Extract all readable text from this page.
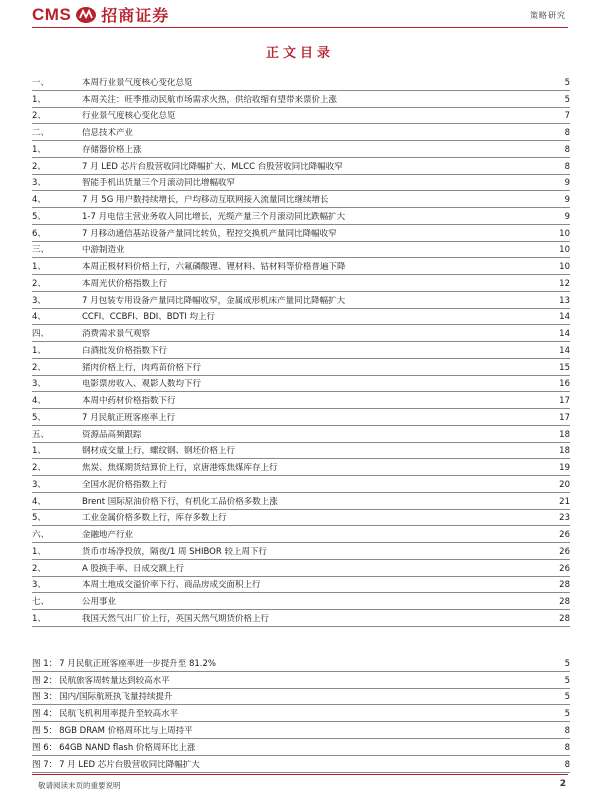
CMS 招商证券	策略研究
正文目录
一、	本周行业景气度核心变化总览	5
1、	本周关注：旺季推动民航市场需求火热，供给收缩有望带来票价上涨	5
2、	行业景气度核心变化总览	7
二、	信息技术产业	8
1、	存储器价格上涨	8
2、	7 月 LED 芯片台股营收同比降幅扩大、MLCC 台股营收同比降幅收窄	8
3、	智能手机出货量三个月滚动同比增幅收窄	9
4、	7 月 5G 用户数持续增长，户均移动互联网接入流量同比继续增长	9
5、	1-7 月电信主营业务收入同比增长，光缆产量三个月滚动同比跌幅扩大	9
6、	7 月移动通信基站设备产量同比转负，程控交换机产量同比降幅收窄	10
三、	中游制造业	10
1、	本周正极材料价格上行，六氟磷酸锂、锂材料、钴材料等价格普遍下降	10
2、	本周光伏价格指数上行	12
3、	7 月包装专用设备产量同比降幅收窄，金属成形机床产量同比降幅扩大	13
4、	CCFI、CCBFI、BDI、BDTI 均上行	14
四、	消费需求景气观察	14
1、	白酒批发价格指数下行	14
2、	猪肉价格上行，肉鸡苗价格下行	15
3、	电影票房收入、观影人数均下行	16
4、	本周中药材价格指数下行	17
5、	7 月民航正班客座率上行	17
五、	资源品高频跟踪	18
1、	钢材成交量上行，螺纹钢、钢坯价格上行	18
2、	焦炭、焦煤期货结算价上行，京唐港炼焦煤库存上行	19
3、	全国水泥价格指数上行	20
4、	Brent 国际原油价格下行，有机化工品价格多数上涨	21
5、	工业金属价格多数上行，库存多数上行	23
六、	金融地产行业	26
1、	货币市场净投放，隔夜/1 周 SHIBOR 较上周下行	26
2、	A 股换手率、日成交额上行	26
3、	本周土地成交溢价率下行、商品房成交面积上行	28
七、	公用事业	28
1、	我国天然气出厂价上行，英国天然气期货价格上行	28
图 1： 7 月民航正班客座率进一步提升至 81.2%	5
图 2： 民航旅客周转量达到较高水平	5
图 3： 国内/国际航班执飞量持续提升	5
图 4： 民航飞机利用率提升至较高水平	5
图 5： 8GB DRAM 价格周环比与上周持平	8
图 6： 64GB NAND flash 价格周环比上涨	8
图 7： 7 月 LED 芯片台股营收同比降幅扩大	8
敬请阅读末页的重要说明	2
